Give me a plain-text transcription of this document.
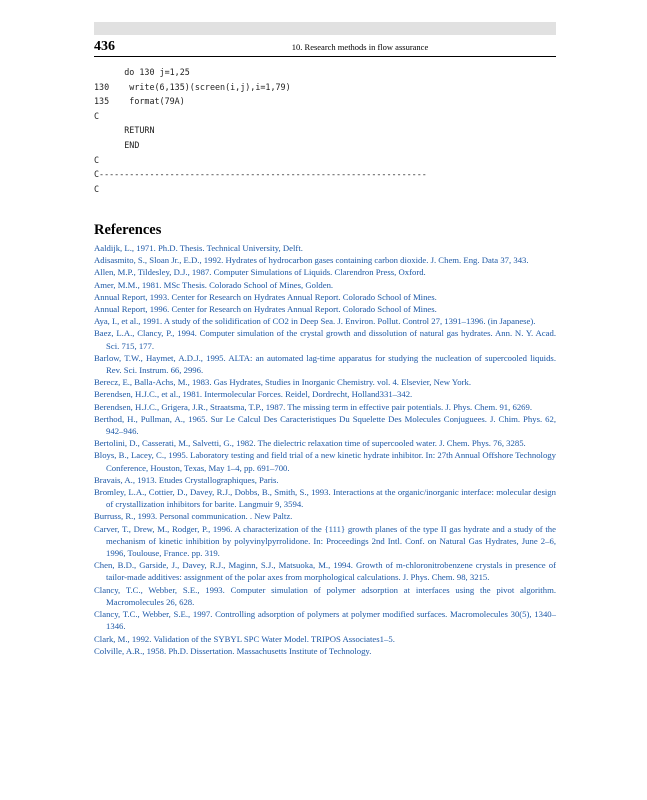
436	10. Research methods in flow assurance
do 130 j=1,25
130    write(6,135)(screen(i,j),i=1,79)
135    format(79A)
C
RETURN
END
C
C-----------------------------------------------------------------
C
References

Aaldijk, L., 1971. Ph.D. Thesis. Technical University, Delft.

Adisasmito, S., Sloan Jr., E.D., 1992. Hydrates of hydrocarbon gases containing carbon dioxide. J. Chem. Eng. Data 37, 343.

Allen, M.P., Tildesley, D.J., 1987. Computer Simulations of Liquids. Clarendron Press, Oxford.

Amer, M.M., 1981. MSc Thesis. Colorado School of Mines, Golden.

Annual Report, 1993. Center for Research on Hydrates Annual Report. Colorado School of Mines.

Annual Report, 1996. Center for Research on Hydrates Annual Report. Colorado School of Mines.

Aya, I., et al., 1991. A study of the solidification of CO2 in Deep Sea. J. Environ. Pollut. Control 27, 1391–1396. (in Japanese).

Baez, L.A., Clancy, P., 1994. Computer simulation of the crystal growth and dissolution of natural gas hydrates. Ann. N. Y. Acad. Sci. 715, 177.

Barlow, T.W., Haymet, A.D.J., 1995. ALTA: an automated lag-time apparatus for studying the nucleation of supercooled liquids. Rev. Sci. Instrum. 66, 2996.

Berecz, E., Balla-Achs, M., 1983. Gas Hydrates, Studies in Inorganic Chemistry. vol. 4. Elsevier, New York.

Berendsen, H.J.C., et al., 1981. Intermolecular Forces. Reidel, Dordrecht, Holland331–342.

Berendsen, H.J.C., Grigera, J.R., Straatsma, T.P., 1987. The missing term in effective pair potentials. J. Phys. Chem. 91, 6269.

Berthod, H., Pullman, A., 1965. Sur Le Calcul Des Caracteristiques Du Squelette Des Molecules Conjuguees. J. Chim. Phys. 62, 942–946.

Bertolini, D., Casserati, M., Salvetti, G., 1982. The dielectric relaxation time of supercooled water. J. Chem. Phys. 76, 3285.

Bloys, B., Lacey, C., 1995. Laboratory testing and field trial of a new kinetic hydrate inhibitor. In: 27th Annual Offshore Technology Conference, Houston, Texas, May 1–4, pp. 691–700.

Bravais, A., 1913. Etudes Crystallographiques, Paris.

Bromley, L.A., Cottier, D., Davey, R.J., Dobbs, B., Smith, S., 1993. Interactions at the organic/inorganic interface: molecular design of crystallization inhibitors for barite. Langmuir 9, 3594.

Burruss, R., 1993. Personal communication. . New Paltz.

Carver, T., Drew, M., Rodger, P., 1996. A characterization of the {111} growth planes of the type II gas hydrate and a study of the mechanism of kinetic inhibition by polyvinylpyrrolidone. In: Proceedings 2nd Intl. Conf. on Natural Gas Hydrates, June 2–6, 1996, Toulouse, France. pp. 319.

Chen, B.D., Garside, J., Davey, R.J., Maginn, S.J., Matsuoka, M., 1994. Growth of m-chloronitrobenzene crystals in presence of tailor-made additives: assignment of the polar axes from morphological calculations. J. Phys. Chem. 98, 3215.

Clancy, T.C., Webber, S.E., 1993. Computer simulation of polymer adsorption at interfaces using the pivot algorithm. Macromolecules 26, 628.

Clancy, T.C., Webber, S.E., 1997. Controlling adsorption of polymers at polymer modified surfaces. Macromolecules 30(5), 1340–1346.

Clark, M., 1992. Validation of the SYBYL SPC Water Model. TRIPOS Associates1–5.

Colville, A.R., 1958. Ph.D. Dissertation. Massachusetts Institute of Technology.
